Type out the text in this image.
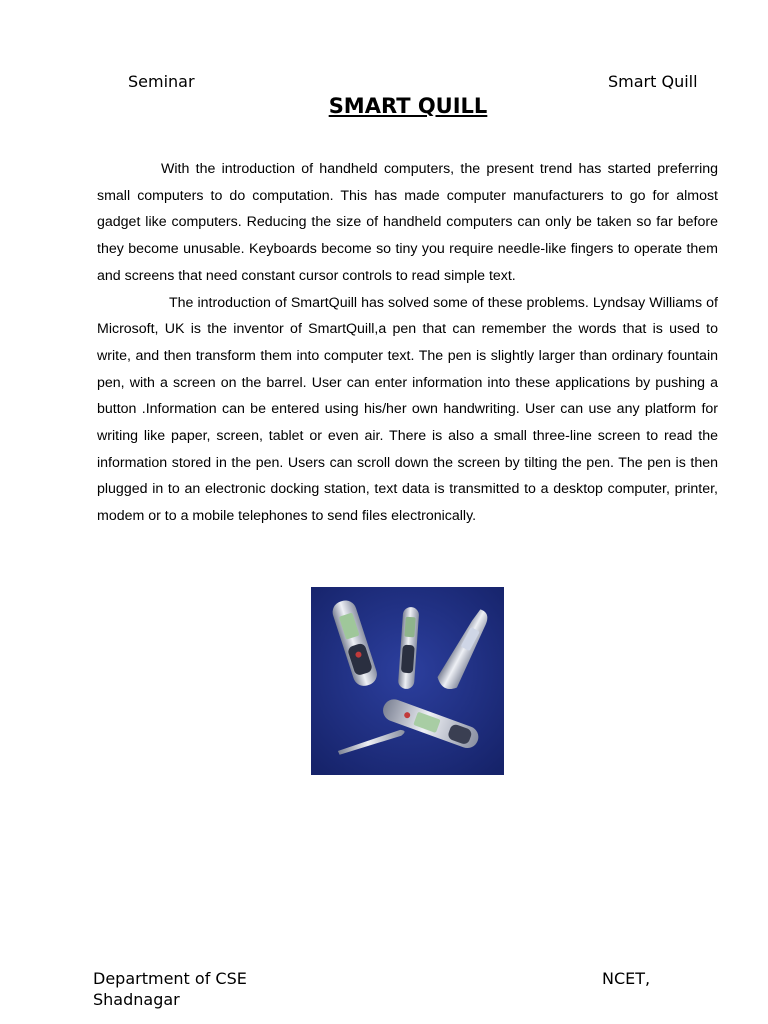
Seminar	Smart Quill
SMART QUILL

With the introduction of handheld computers, the present trend has started preferring small computers to do computation. This has made computer manufacturers to go for almost gadget like computers. Reducing the size of handheld computers can only be taken so far before they become unusable. Keyboards become so tiny you require needle-like fingers to operate them and screens that need constant cursor controls to read simple text.

The introduction of SmartQuill has solved some of these problems. Lyndsay Williams of Microsoft, UK is the inventor of SmartQuill,a pen that can remember the words that is used to write, and then transform them into computer text. The pen is slightly larger than ordinary fountain pen, with a screen on the barrel. User can enter information into these applications by pushing a button .Information can be entered using his/her own handwriting. User can use any platform for writing like paper, screen, tablet or even air. There is also a small three-line screen to read the information stored in the pen. Users can scroll down the screen by tilting the pen. The pen is then plugged in to an electronic docking station, text data is transmitted to a desktop computer, printer, modem or to a mobile telephones to send files electronically.

Department of CSE
Shadnagar
NCET,
